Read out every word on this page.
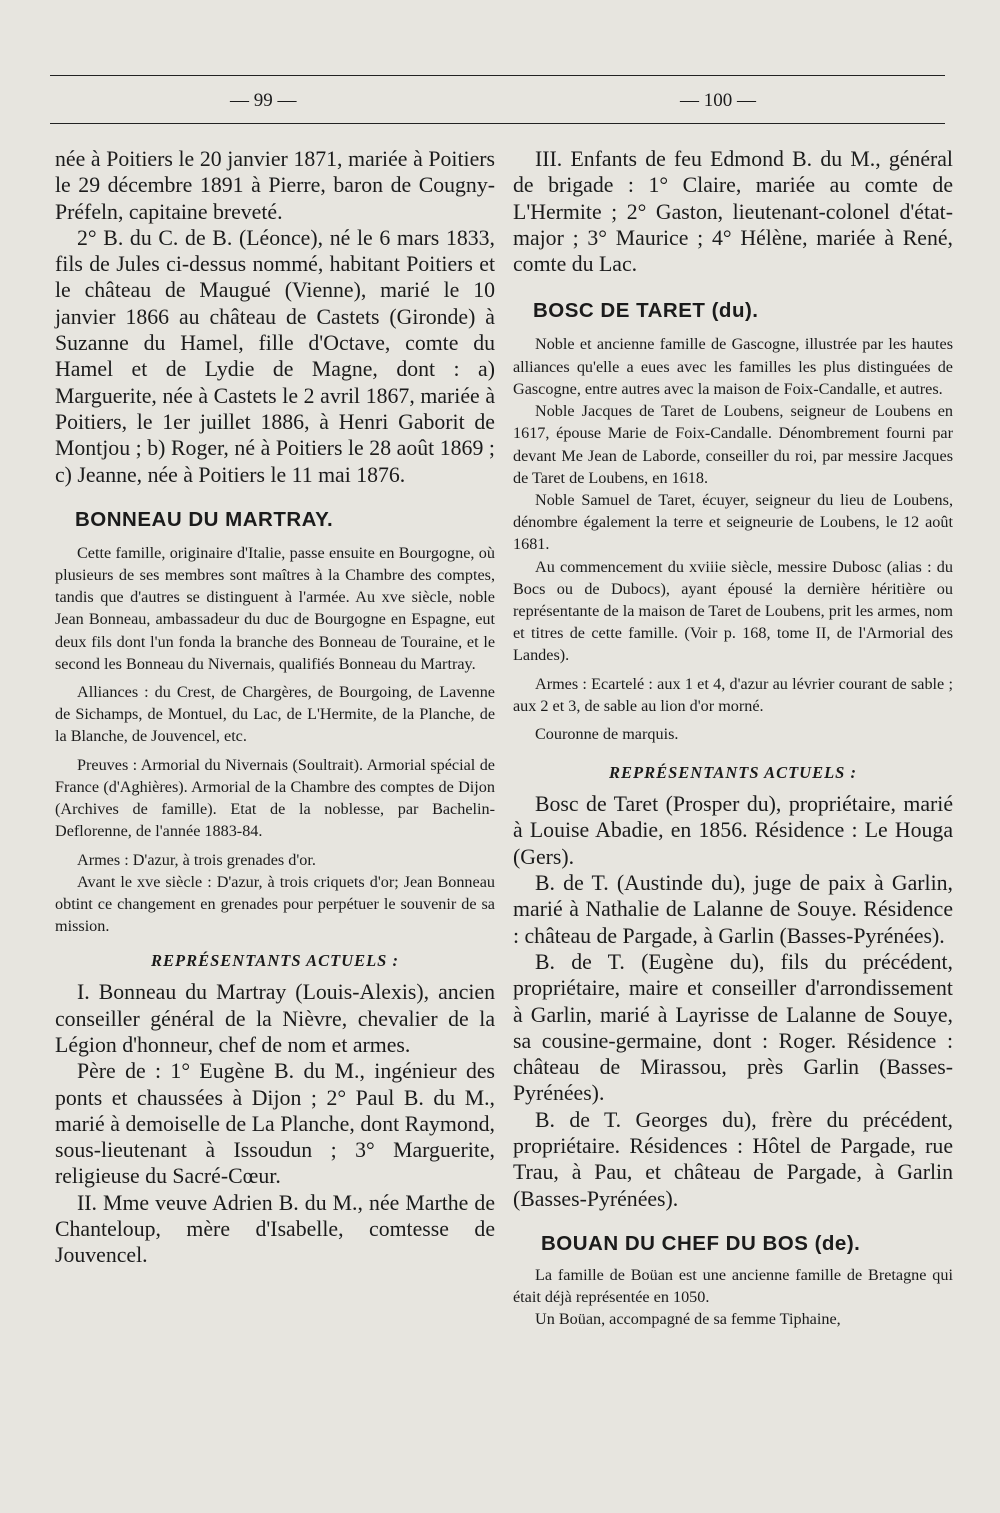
— 99 —	— 100 —

née à Poitiers le 20 janvier 1871, mariée à Poitiers le 29 décembre 1891 à Pierre, baron de Cougny-Préfeln, capitaine breveté.

2° B. du C. de B. (Léonce), né le 6 mars 1833, fils de Jules ci-dessus nommé, habitant Poitiers et le château de Maugué (Vienne), marié le 10 janvier 1866 au château de Castets (Gironde) à Suzanne du Hamel, fille d'Octave, comte du Hamel et de Lydie de Magne, dont : a) Marguerite, née à Castets le 2 avril 1867, mariée à Poitiers, le 1er juillet 1886, à Henri Gaborit de Montjou ; b) Roger, né à Poitiers le 28 août 1869 ; c) Jeanne, née à Poitiers le 11 mai 1876.

BONNEAU DU MARTRAY.

Cette famille, originaire d'Italie, passe ensuite en Bourgogne, où plusieurs de ses membres sont maîtres à la Chambre des comptes, tandis que d'autres se distinguent à l'armée. Au xve siècle, noble Jean Bonneau, ambassadeur du duc de Bourgogne en Espagne, eut deux fils dont l'un fonda la branche des Bonneau de Touraine, et le second les Bonneau du Nivernais, qualifiés Bonneau du Martray.

Alliances : du Crest, de Chargères, de Bourgoing, de Lavenne de Sichamps, de Montuel, du Lac, de L'Hermite, de la Planche, de la Blanche, de Jouvencel, etc.

Preuves : Armorial du Nivernais (Soultrait). Armorial spécial de France (d'Aghières). Armorial de la Chambre des comptes de Dijon (Archives de famille). Etat de la noblesse, par Bachelin-Deflorenne, de l'année 1883-84.

Armes : D'azur, à trois grenades d'or.

Avant le xve siècle : D'azur, à trois criquets d'or; Jean Bonneau obtint ce changement en grenades pour perpétuer le souvenir de sa mission.

REPRÉSENTANTS ACTUELS :

I. Bonneau du Martray (Louis-Alexis), ancien conseiller général de la Nièvre, chevalier de la Légion d'honneur, chef de nom et armes.

Père de : 1° Eugène B. du M., ingénieur des ponts et chaussées à Dijon ; 2° Paul B. du M., marié à demoiselle de La Planche, dont Raymond, sous-lieutenant à Issoudun ; 3° Marguerite, religieuse du Sacré-Cœur.

II. Mme veuve Adrien B. du M., née Marthe de Chanteloup, mère d'Isabelle, comtesse de Jouvencel.

III. Enfants de feu Edmond B. du M., général de brigade : 1° Claire, mariée au comte de L'Hermite ; 2° Gaston, lieutenant-colonel d'état-major ; 3° Maurice ; 4° Hélène, mariée à René, comte du Lac.

BOSC DE TARET (du).

Noble et ancienne famille de Gascogne, illustrée par les hautes alliances qu'elle a eues avec les familles les plus distinguées de Gascogne, entre autres avec la maison de Foix-Candalle, et autres.

Noble Jacques de Taret de Loubens, seigneur de Loubens en 1617, épouse Marie de Foix-Candalle. Dénombrement fourni par devant Me Jean de Laborde, conseiller du roi, par messire Jacques de Taret de Loubens, en 1618.

Noble Samuel de Taret, écuyer, seigneur du lieu de Loubens, dénombre également la terre et seigneurie de Loubens, le 12 août 1681.

Au commencement du xviiie siècle, messire Dubosc (alias : du Bocs ou de Dubocs), ayant épousé la dernière héritière ou représentante de la maison de Taret de Loubens, prit les armes, nom et titres de cette famille. (Voir p. 168, tome II, de l'Armorial des Landes).

Armes : Ecartelé : aux 1 et 4, d'azur au lévrier courant de sable ; aux 2 et 3, de sable au lion d'or morné.

Couronne de marquis.

REPRÉSENTANTS ACTUELS :

Bosc de Taret (Prosper du), propriétaire, marié à Louise Abadie, en 1856. Résidence : Le Houga (Gers).

B. de T. (Austinde du), juge de paix à Garlin, marié à Nathalie de Lalanne de Souye. Résidence : château de Pargade, à Garlin (Basses-Pyrénées).

B. de T. (Eugène du), fils du précédent, propriétaire, maire et conseiller d'arrondissement à Garlin, marié à Layrisse de Lalanne de Souye, sa cousine-germaine, dont : Roger. Résidence : château de Mirassou, près Garlin (Basses-Pyrénées).

B. de T. Georges du), frère du précédent, propriétaire. Résidences : Hôtel de Pargade, rue Trau, à Pau, et château de Pargade, à Garlin (Basses-Pyrénées).

BOUAN DU CHEF DU BOS (de).

La famille de Boüan est une ancienne famille de Bretagne qui était déjà représentée en 1050.

Un Boüan, accompagné de sa femme Tiphaine,
